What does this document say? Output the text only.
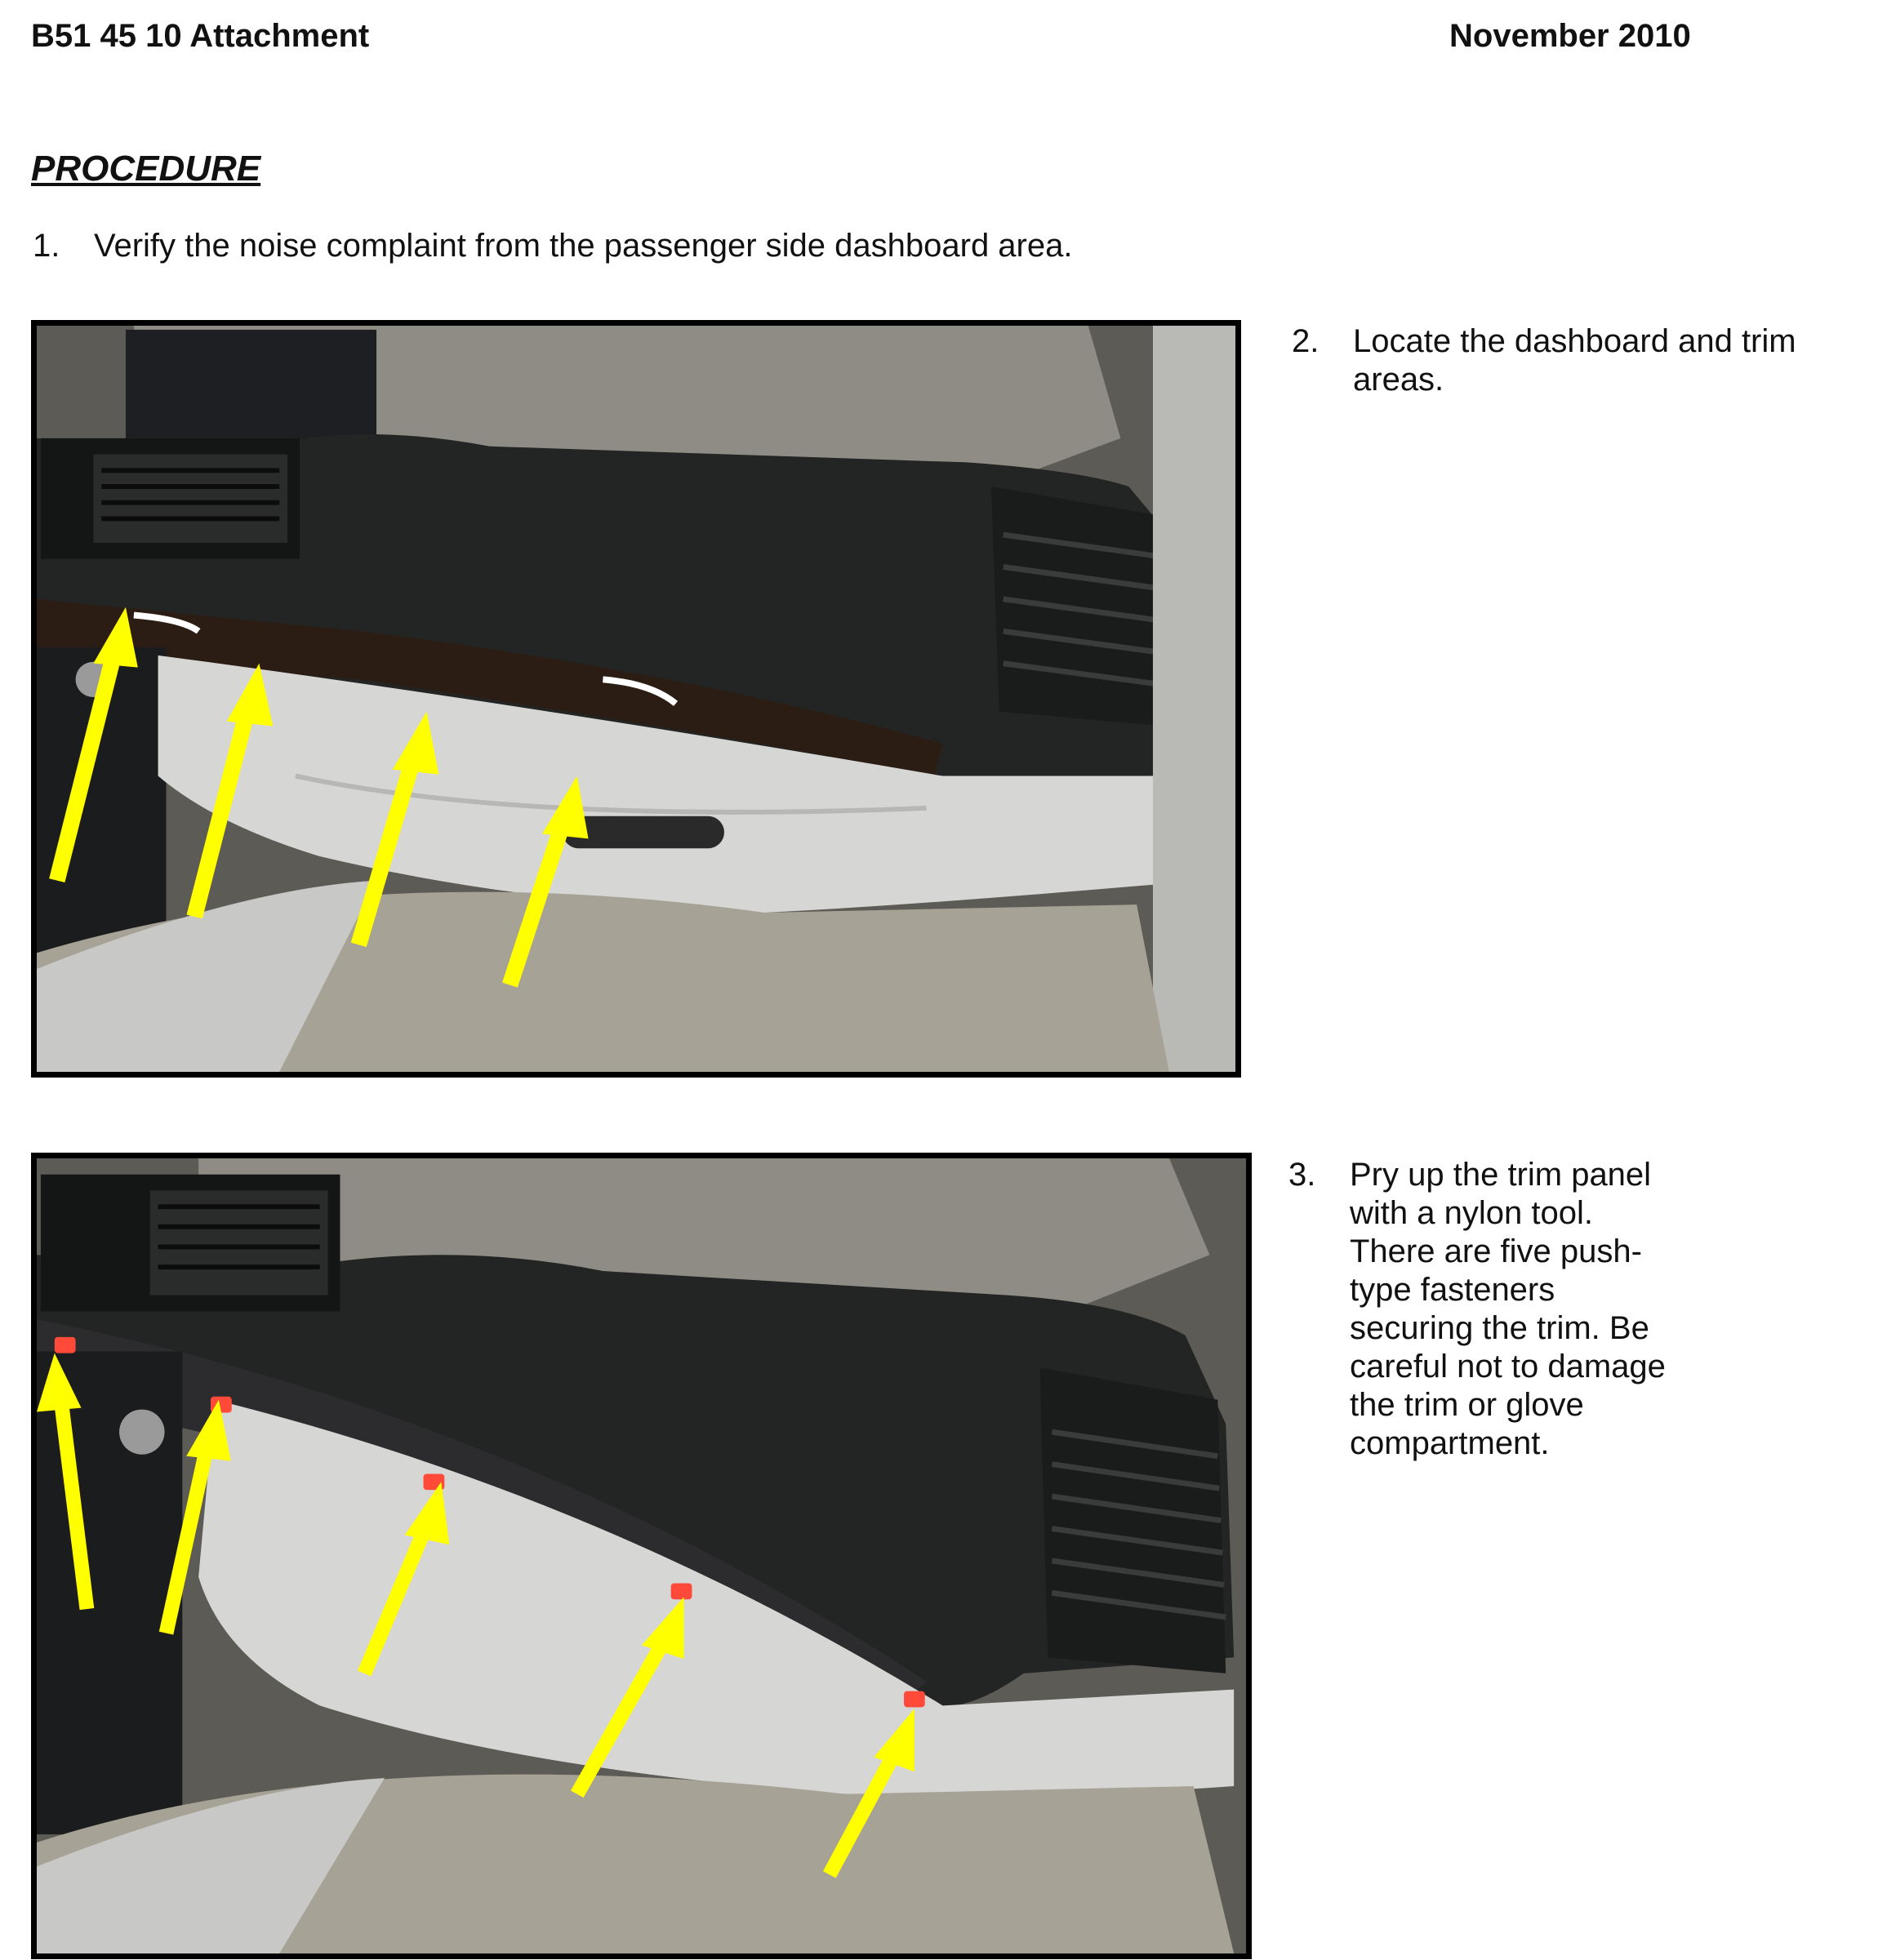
B51 45 10 Attachment	November 2010
PROCEDURE
1. Verify the noise complaint from the passenger side dashboard area.
2. Locate the dashboard and trim
areas.
3. Pry up the trim panel
with a nylon tool.
There are five push-
type fasteners
securing the trim. Be
careful not to damage
the trim or glove
compartment.
